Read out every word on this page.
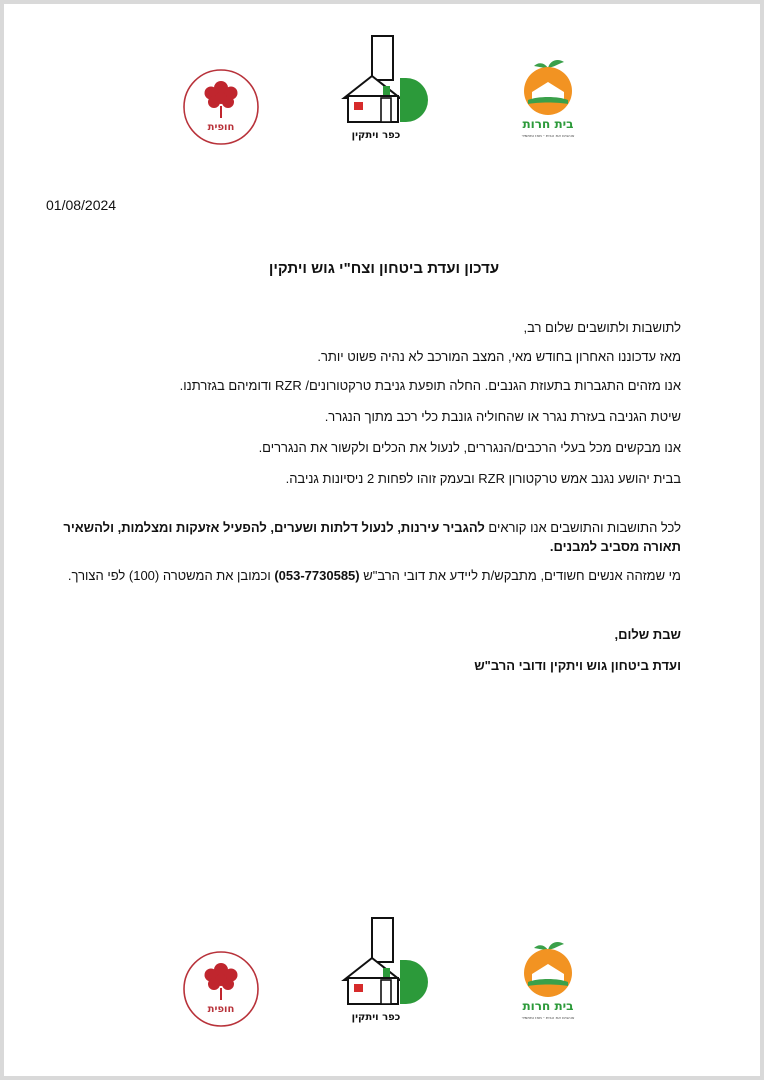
חופית
כפר ויתקין
בית חרות
אוהבים את הבית - מאז ומתמיד
01/08/2024
עדכון ועדת ביטחון וצח"י גוש ויתקין

לתושבות ולתושבים שלום רב,

מאז עדכוננו האחרון בחודש מאי, המצב המורכב לא נהיה פשוט יותר.

אנו מזהים התגברות בתעוזת הגנבים. החלה תופעת גניבת טרקטורונים/ RZR ודומיהם בגזרתנו.

שיטת הגניבה בעזרת נגרר או שהחוליה גונבת כלי רכב מתוך הנגרר.

אנו מבקשים מכל בעלי הרכבים/הנגררים, לנעול את הכלים ולקשור את הנגררים.

בבית יהושע נגנב אמש טרקטורון RZR ובעמק זוהו לפחות 2 ניסיונות גניבה.

לכל התושבות והתושבים אנו קוראים להגביר עירנות, לנעול דלתות ושערים, להפעיל אזעקות ומצלמות, ולהשאיר תאורה מסביב למבנים.

מי שמזהה אנשים חשודים, מתבקש/ת ליידע את דובי הרב"ש (053-7730585) וכמובן את המשטרה (100) לפי הצורך.

שבת שלום,

ועדת ביטחון גוש ויתקין ודובי הרב"ש

חופית
כפר ויתקין
בית חרות
אוהבים את הבית - מאז ומתמיד
